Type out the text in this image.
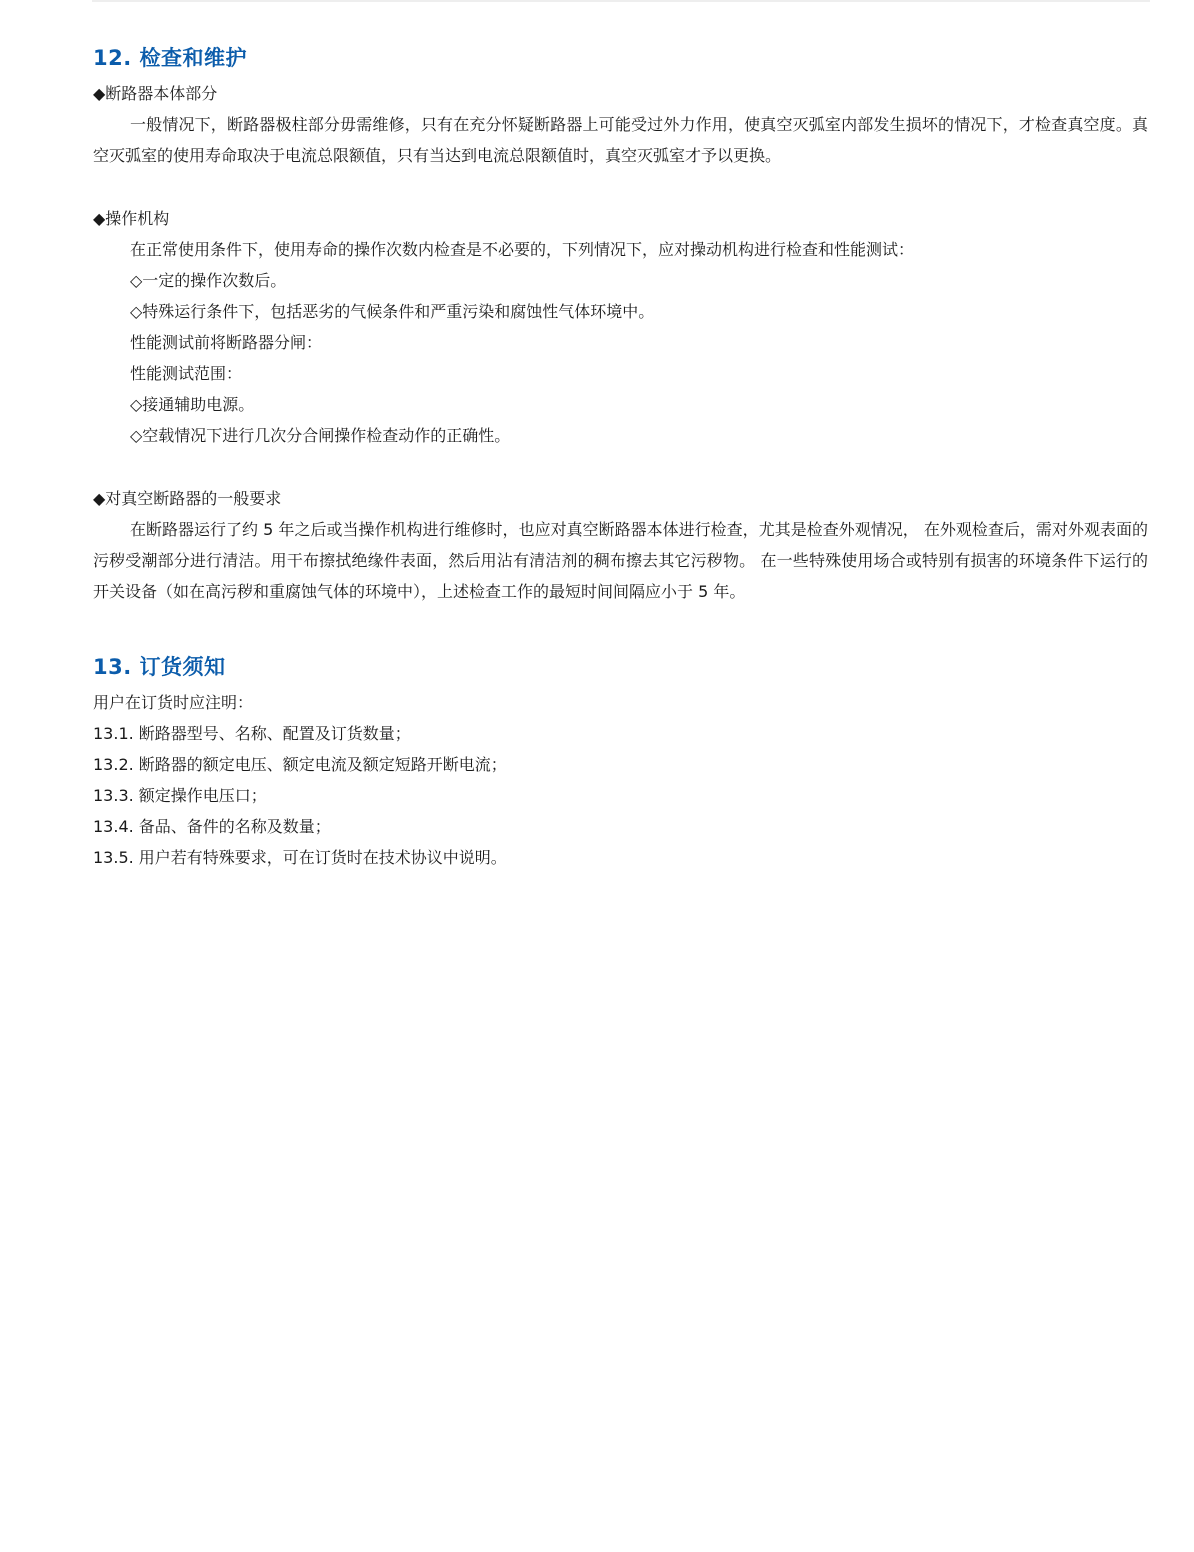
12. 检查和维护

◆断路器本体部分

一般情况下，断路器极柱部分毋需维修，只有在充分怀疑断路器上可能受过外力作用，使真空灭弧室内部发生损坏的情况下，才检查真空度。真空灭弧室的使用寿命取决于电流总限额值，只有当达到电流总限额值时，真空灭弧室才予以更换。

◆操作机构

在正常使用条件下，使用寿命的操作次数内检查是不必要的，下列情况下，应对操动机构进行检查和性能测试：

◇一定的操作次数后。

◇特殊运行条件下，包括恶劣的气候条件和严重污染和腐蚀性气体环境中。

性能测试前将断路器分闸：

性能测试范围：

◇接通辅助电源。

◇空载情况下进行几次分合闸操作检查动作的正确性。

◆对真空断路器的一般要求

在断路器运行了约 5 年之后或当操作机构进行维修时，也应对真空断路器本体进行检查，尤其是检查外观情况， 在外观检查后，需对外观表面的污秽受潮部分进行清洁。用干布擦拭绝缘件表面，然后用沾有清洁剂的稠布擦去其它污秽物。 在一些特殊使用场合或特别有损害的环境条件下运行的开关设备（如在高污秽和重腐蚀气体的环境中），上述检查工作的最短时间间隔应小于 5 年。

13. 订货须知

用户在订货时应注明：

13.1. 断路器型号、名称、配置及订货数量；

13.2. 断路器的额定电压、额定电流及额定短路开断电流；

13.3. 额定操作电压口；

13.4. 备品、备件的名称及数量；

13.5. 用户若有特殊要求，可在订货时在技术协议中说明。
